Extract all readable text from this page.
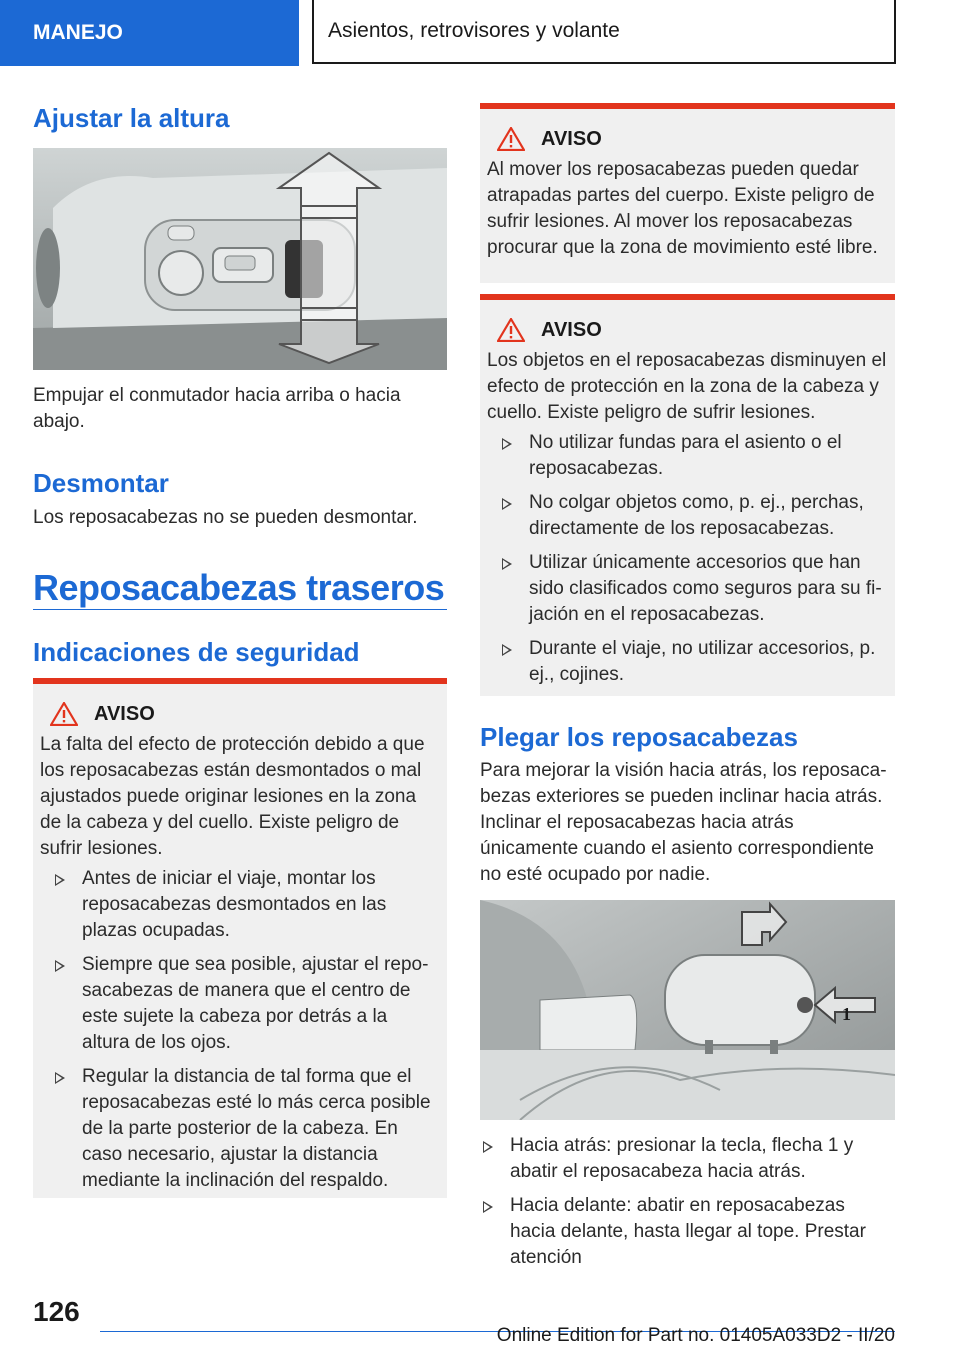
MANEJO	Asientos, retrovisores y volante
Ajustar la altura

Empujar el conmutador hacia arriba o hacia abajo.

Desmontar

Los reposacabezas no se pueden desmontar.

Reposacabezas traseros
Indicaciones de seguridad
AVISO

La falta del efecto de protección debido a que los reposacabezas están desmontados o mal ajustados puede originar lesiones en la zona de la cabeza y del cuello. Existe peligro de sufrir lesiones.

Antes de iniciar el viaje, montar los reposacabezas desmontados en las plazas ocupadas.
Siempre que sea posible, ajustar el reposacabezas de manera que el centro de este sujete la cabeza por detrás a la altura de los ojos.
Regular la distancia de tal forma que el reposacabezas esté lo más cerca posible de la parte posterior de la cabeza. En caso necesario, ajustar la distancia mediante la inclinación del respaldo.
AVISO

Al mover los reposacabezas pueden quedar atrapadas partes del cuerpo. Existe peligro de sufrir lesiones. Al mover los reposacabezas procurar que la zona de movimiento esté libre.

AVISO

Los objetos en el reposacabezas disminuyen el efecto de protección en la zona de la cabeza y cuello. Existe peligro de sufrir lesiones.

No utilizar fundas para el asiento o el reposacabezas.
No colgar objetos como, p. ej., perchas, directamente de los reposacabezas.
Utilizar únicamente accesorios que han sido clasificados como seguros para su fijación en el reposacabezas.
Durante el viaje, no utilizar accesorios, p. ej., cojines.
Plegar los reposacabezas

Para mejorar la visión hacia atrás, los reposacabezas exteriores se pueden inclinar hacia atrás. Inclinar el reposacabezas hacia atrás únicamente cuando el asiento correspondiente no esté ocupado por nadie.

1
Hacia atrás: presionar la tecla, flecha 1 y abatir el reposacabeza hacia atrás.
Hacia delante: abatir en reposacabezas hacia delante, hasta llegar al tope. Prestar atención
126
Online Edition for Part no. 01405A033D2 - II/20
